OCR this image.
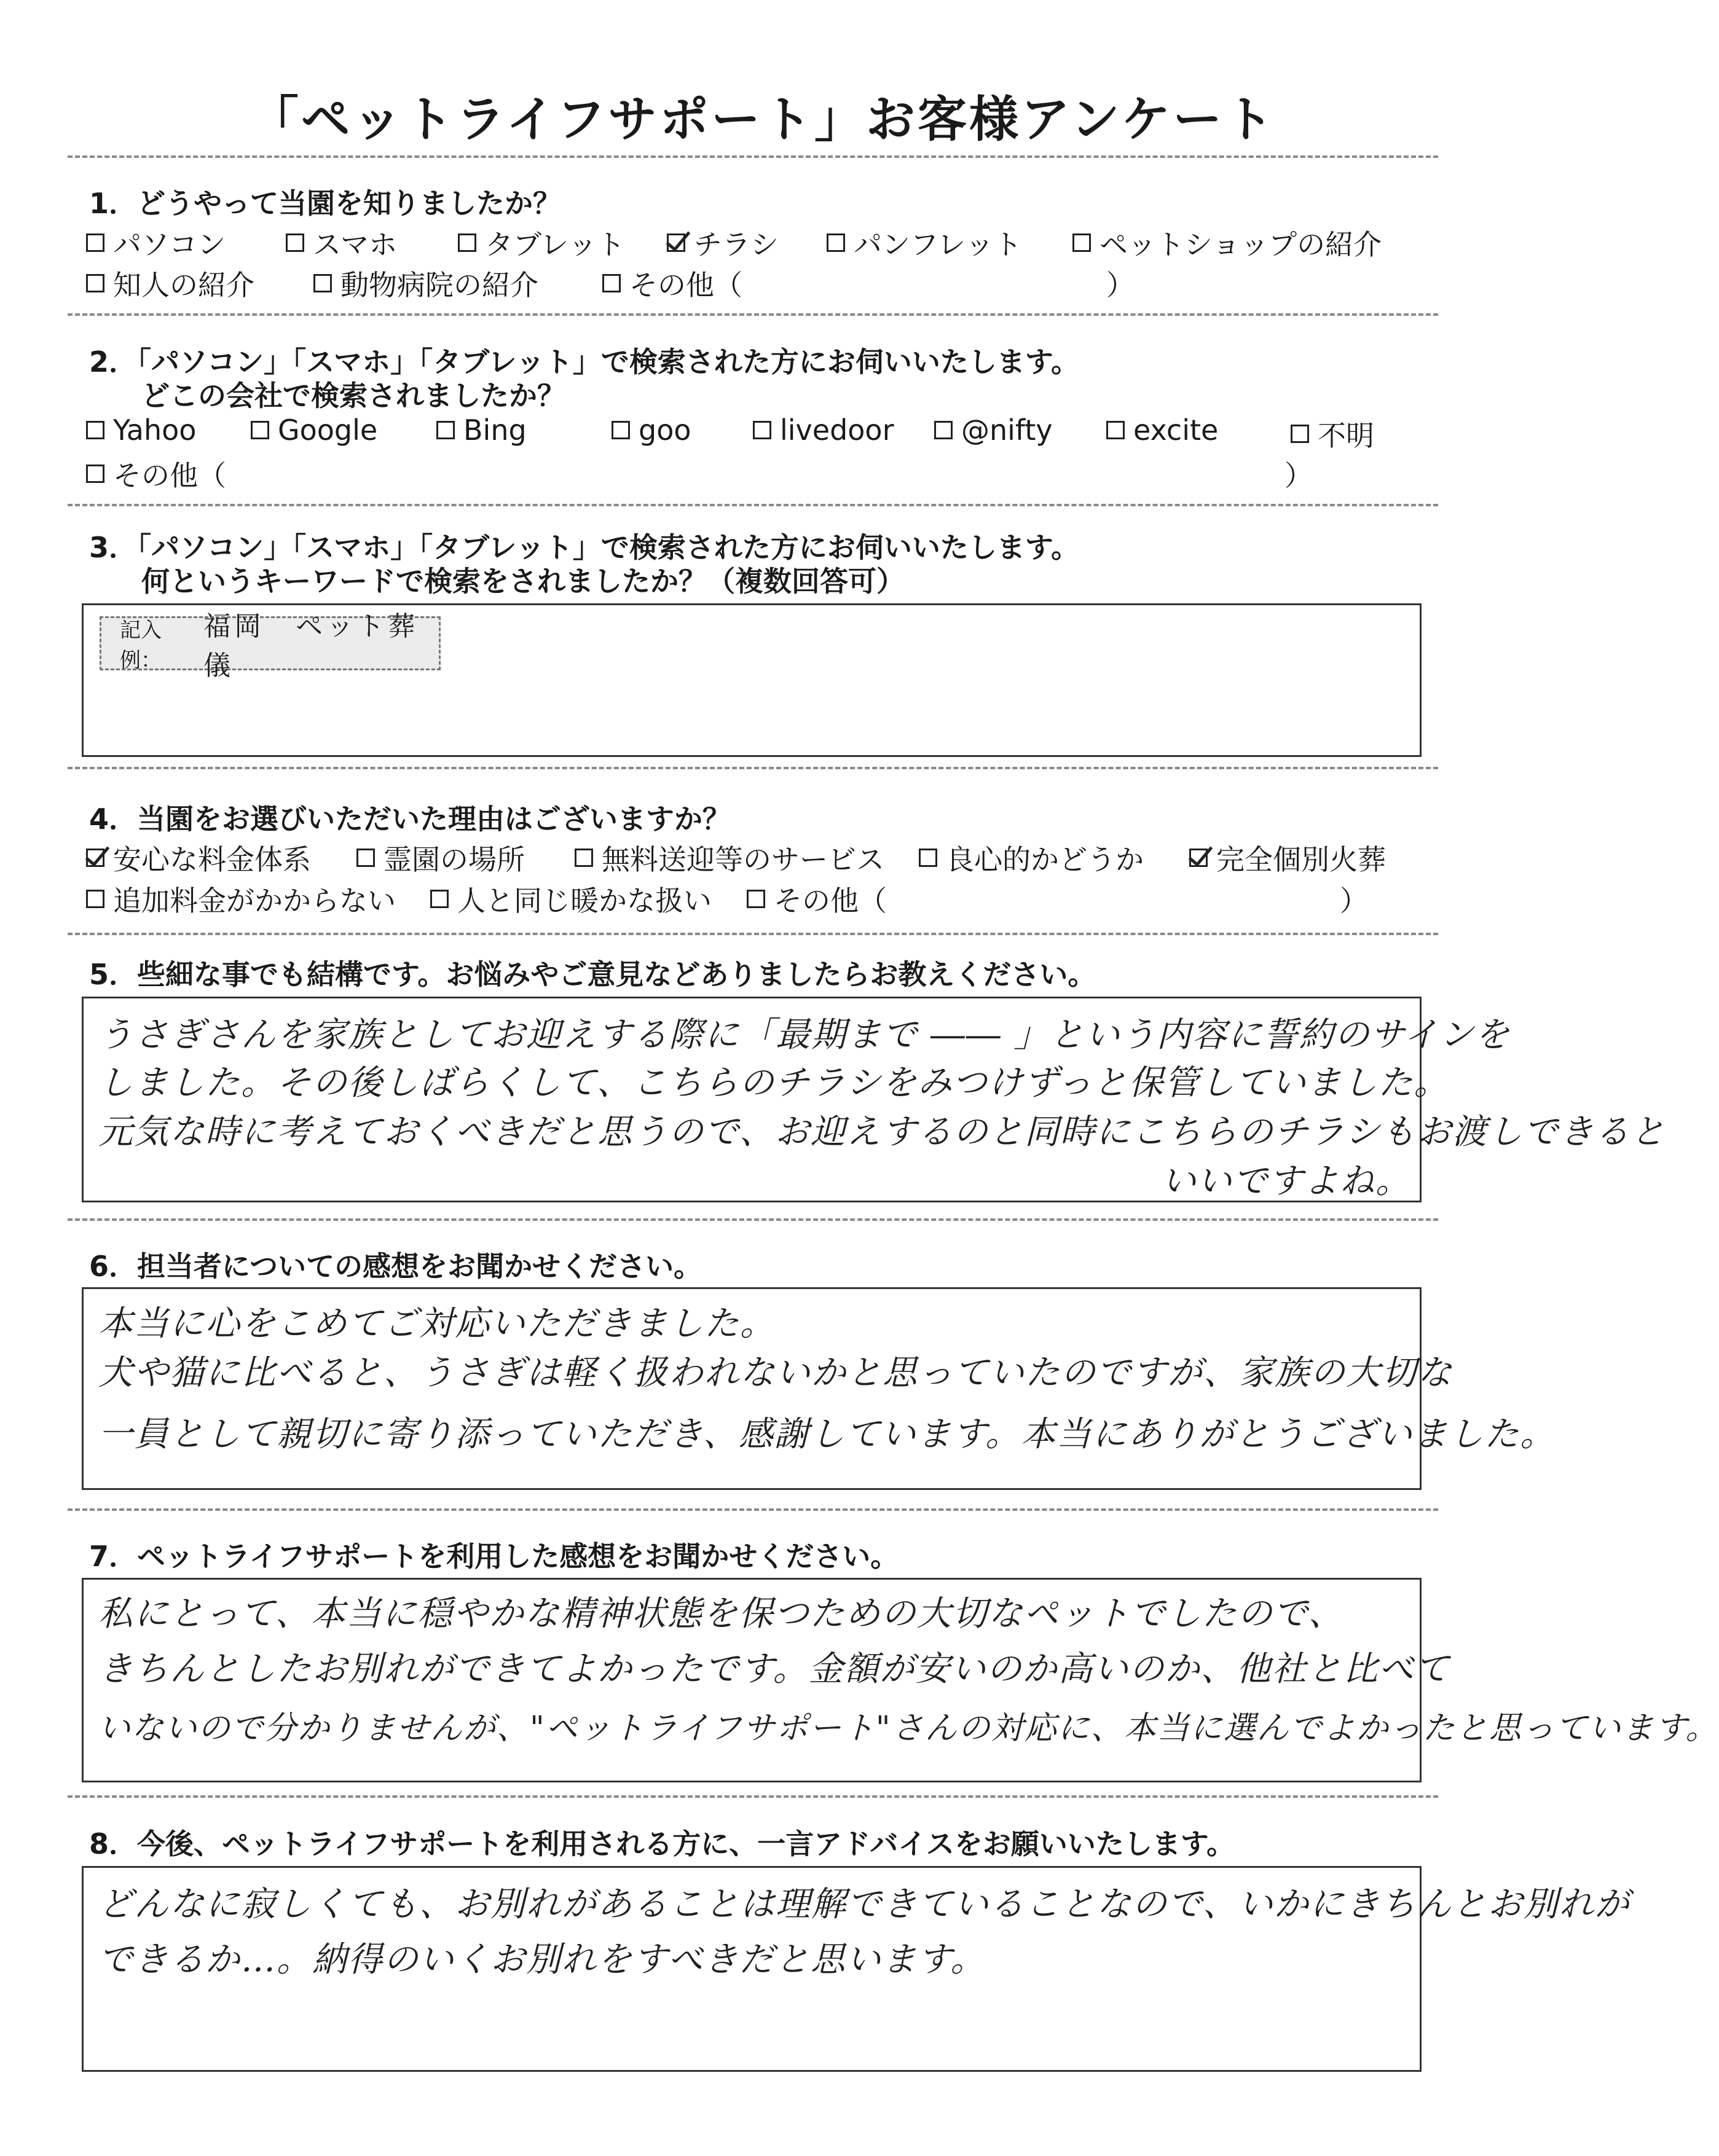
「ペットライフサポート」お客様アンケート
1．どうやって当園を知りましたか？
パソコン	スマホ	タブレット チラシ	パンフレット	ペットショップの紹介
知人の紹介	動物病院の紹介	その他（	）
2．「パソコン」「スマホ」「タブレット」で検索された方にお伺いいたします。
どこの会社で検索されましたか？
Yahoo	Google	Bing	goo	livedoor @nifty	excite	不明
その他（	）
3．「パソコン」「スマホ」「タブレット」で検索された方にお伺いいたします。
何というキーワードで検索をされましたか？（複数回答可）
記入例：
福岡　ペット葬儀
4．当園をお選びいただいた理由はございますか？
安心な料金体系	霊園の場所	無料送迎等のサービス 良心的かどうか	完全個別火葬
追加料金がかからない 人と同じ暖かな扱い その他（	）
5．些細な事でも結構です。お悩みやご意見などありましたらお教えください。
うさぎさんを家族としてお迎えする際に「最期まで ―― 」という内容に誓約のサインを
しました。その後しばらくして、こちらのチラシをみつけずっと保管していました。
元気な時に考えておくべきだと思うので、お迎えするのと同時にこちらのチラシもお渡しできると
いいですよね。
6．担当者についての感想をお聞かせください。
本当に心をこめてご対応いただきました。
犬や猫に比べると、うさぎは軽く扱われないかと思っていたのですが、家族の大切な
一員として親切に寄り添っていただき、感謝しています。本当にありがとうございました。
7．ペットライフサポートを利用した感想をお聞かせください。
私にとって、本当に穏やかな精神状態を保つための大切なペットでしたので、
きちんとしたお別れができてよかったです。金額が安いのか高いのか、他社と比べて
いないので分かりませんが、"ペットライフサポート"さんの対応に、本当に選んでよかったと思っています。
8．今後、ペットライフサポートを利用される方に、一言アドバイスをお願いいたします。
どんなに寂しくても、お別れがあることは理解できていることなので、いかにきちんとお別れが
できるか…。納得のいくお別れをすべきだと思います。
